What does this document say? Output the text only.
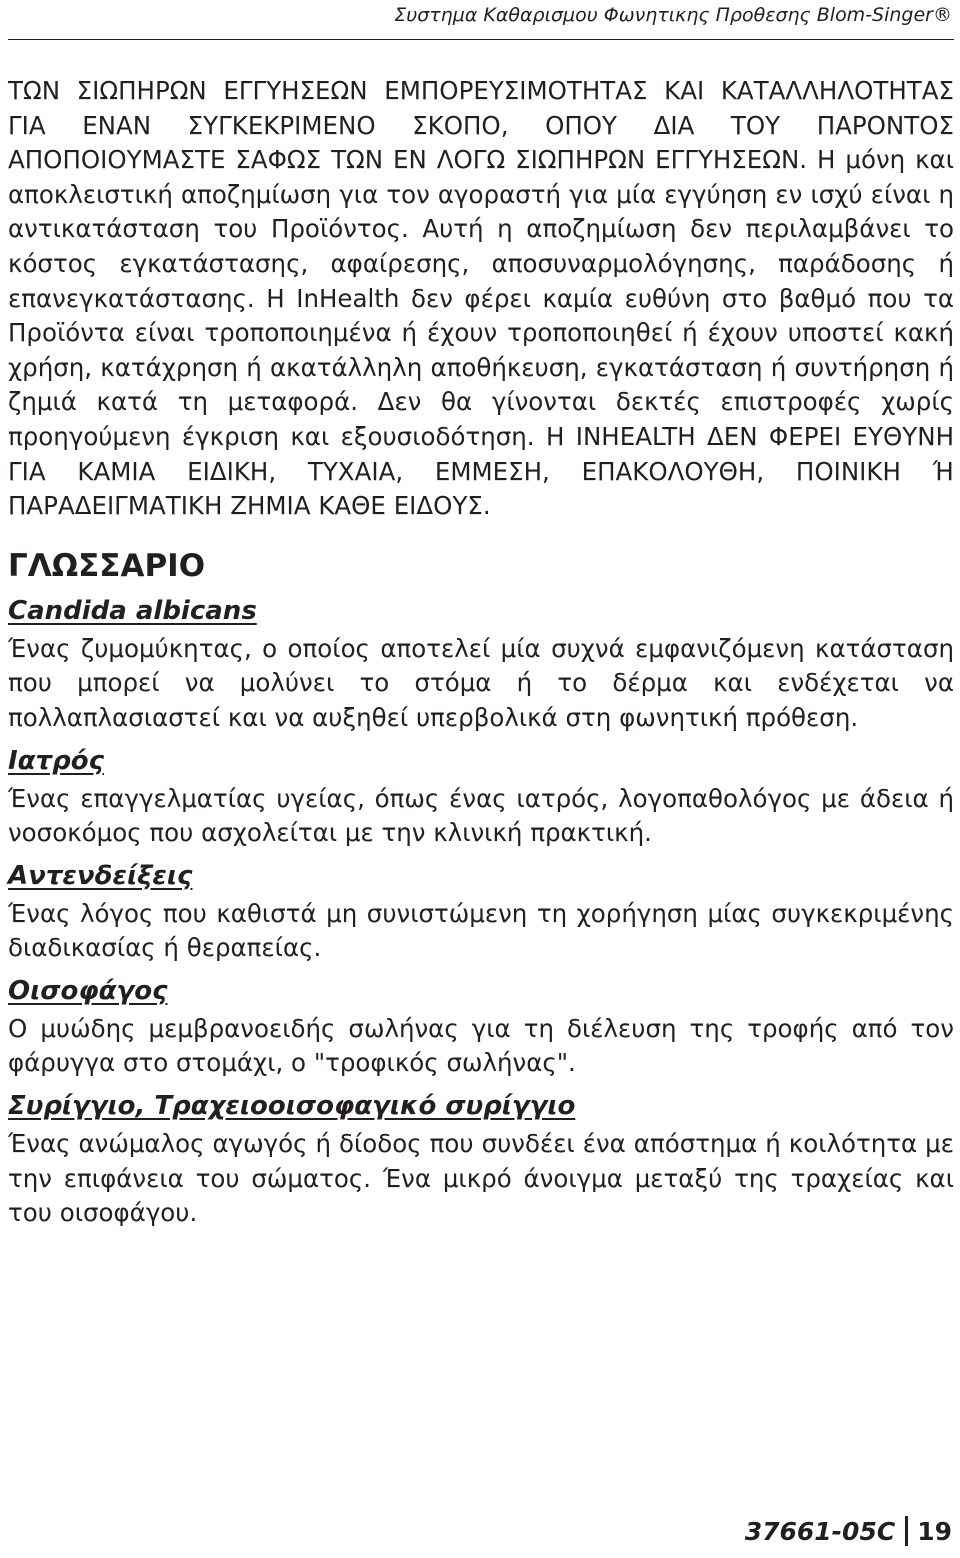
Συστημα Καθαρισμου Φωνητικης Προθεσης Blom-Singer®

ΤΩΝ ΣΙΩΠΗΡΩΝ ΕΓΓΥΗΣΕΩΝ ΕΜΠΟΡΕΥΣΙΜΟΤΗΤΑΣ ΚΑΙ ΚΑΤΑΛΛΗΛΟΤΗΤΑΣ ΓΙΑ ΕΝΑΝ ΣΥΓΚΕΚΡΙΜΕΝΟ ΣΚΟΠΟ, ΟΠΟΥ ΔΙΑ ΤΟΥ ΠΑΡΟΝΤΟΣ ΑΠΟΠΟΙΟΥΜΑΣΤΕ ΣΑΦΩΣ ΤΩΝ ΕΝ ΛΟΓΩ ΣΙΩΠΗΡΩΝ ΕΓΓΥΗΣΕΩΝ. Η μόνη και αποκλειστική αποζημίωση για τον αγοραστή για μία εγγύηση εν ισχύ είναι η αντικατάσταση του Προϊόντος. Αυτή η αποζημίωση δεν περιλαμβάνει το κόστος εγκατάστασης, αφαίρεσης, αποσυναρμολόγησης, παράδοσης ή επανεγκατάστασης. Η InHealth δεν φέρει καμία ευθύνη στο βαθμό που τα Προϊόντα είναι τροποποιημένα ή έχουν τροποποιηθεί ή έχουν υποστεί κακή χρήση, κατάχρηση ή ακατάλληλη αποθήκευση, εγκατάσταση ή συντήρηση ή ζημιά κατά τη μεταφορά. Δεν θα γίνονται δεκτές επιστροφές χωρίς προηγούμενη έγκριση και εξουσιοδότηση. Η INHEALTH ΔΕΝ ΦΕΡΕΙ ΕΥΘΥΝΗ ΓΙΑ ΚΑΜΙΑ ΕΙΔΙΚΗ, ΤΥΧΑΙΑ, ΕΜΜΕΣΗ, ΕΠΑΚΟΛΟΥΘΗ, ΠΟΙΝΙΚΗ Ή ΠΑΡΑΔΕΙΓΜΑΤΙΚΗ ΖΗΜΙΑ ΚΑΘΕ ΕΙΔΟΥΣ.

ΓΛΩΣΣΑΡΙΟ
Candida albicans

Ένας ζυμομύκητας, ο οποίος αποτελεί μία συχνά εμφανιζόμενη κατάσταση που μπορεί να μολύνει το στόμα ή το δέρμα και ενδέχεται να πολλαπλασιαστεί και να αυξηθεί υπερβολικά στη φωνητική πρόθεση.

Ιατρός

Ένας επαγγελματίας υγείας, όπως ένας ιατρός, λογοπαθολόγος με άδεια ή νοσοκόμος που ασχολείται με την κλινική πρακτική.

Αντενδείξεις

Ένας λόγος που καθιστά μη συνιστώμενη τη χορήγηση μίας συγκεκριμένης διαδικασίας ή θεραπείας.

Οισοφάγος

Ο μυώδης μεμβρανοειδής σωλήνας για τη διέλευση της τροφής από τον φάρυγγα στο στομάχι, ο "τροφικός σωλήνας".

Συρίγγιο, Τραχειοοισοφαγικό συρίγγιο

Ένας ανώμαλος αγωγός ή δίοδος που συνδέει ένα απόστημα ή κοιλότητα με την επιφάνεια του σώματος. Ένα μικρό άνοιγμα μεταξύ της τραχείας και του οισοφάγου.

37661-05C 19
